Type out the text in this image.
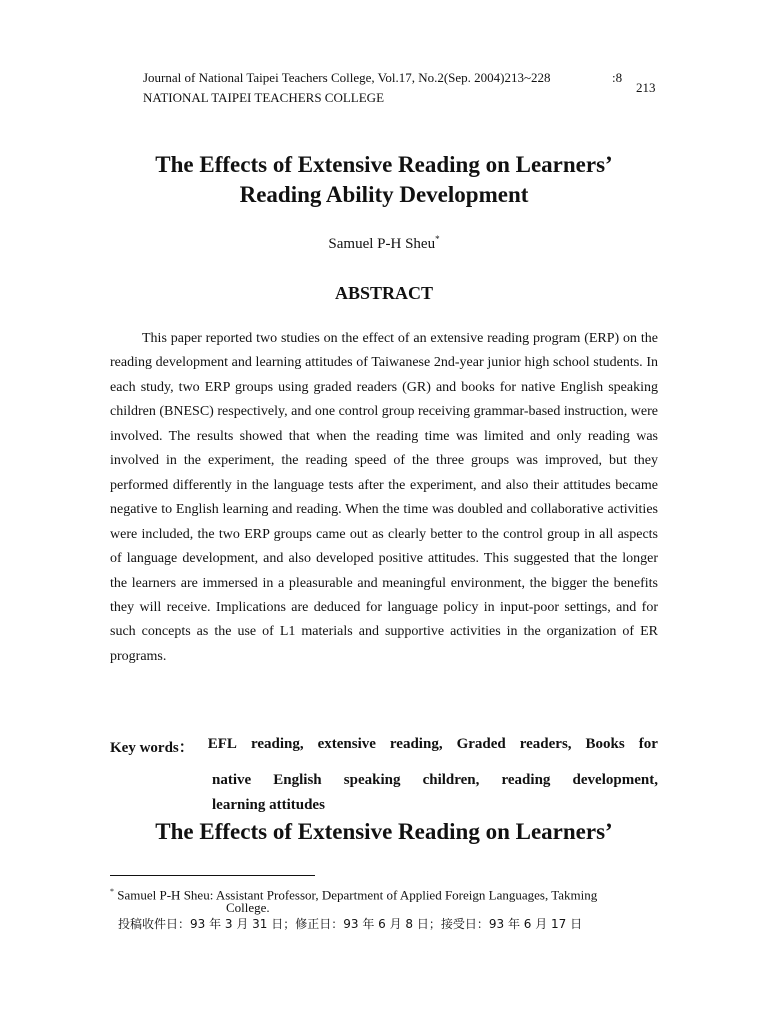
Journal of National Taipei Teachers College, Vol.17, No.2(Sep. 2004)213~228	:8
213
NATIONAL TAIPEI TEACHERS COLLEGE
The Effects of Extensive Reading on Learners’
Reading Ability Development
Samuel P-H Sheu*
ABSTRACT
This paper reported two studies on the effect of an extensive reading program (ERP) on the reading development and learning attitudes of Taiwanese 2nd-year junior high school students. In each study, two ERP groups using graded readers (GR) and books for native English speaking children (BNESC) respectively, and one control group receiving grammar-based instruction, were involved. The results showed that when the reading time was limited and only reading was involved in the experiment, the reading speed of the three groups was improved, but they performed differently in the language tests after the experiment, and also their attitudes became negative to English learning and reading. When the time was doubled and collaborative activities were included, the two ERP groups came out as clearly better to the control group in all aspects of language development, and also developed positive attitudes. This suggested that the longer the learners are immersed in a pleasurable and meaningful environment, the bigger the benefits they will receive. Implications are deduced for language policy in input-poor settings, and for such concepts as the use of L1 materials and supportive activities in the organization of ER programs.
Key words： EFL reading, extensive reading, Graded readers, Books for
native English speaking children, reading development,
learning attitudes
The Effects of Extensive Reading on Learners’
* Samuel P-H Sheu: Assistant Professor, Department of Applied Foreign Languages, Takming
College.
投稿收件日：93 年 3 月 31 日；修正日：93 年 6 月 8 日；接受日：93 年 6 月 17 日
